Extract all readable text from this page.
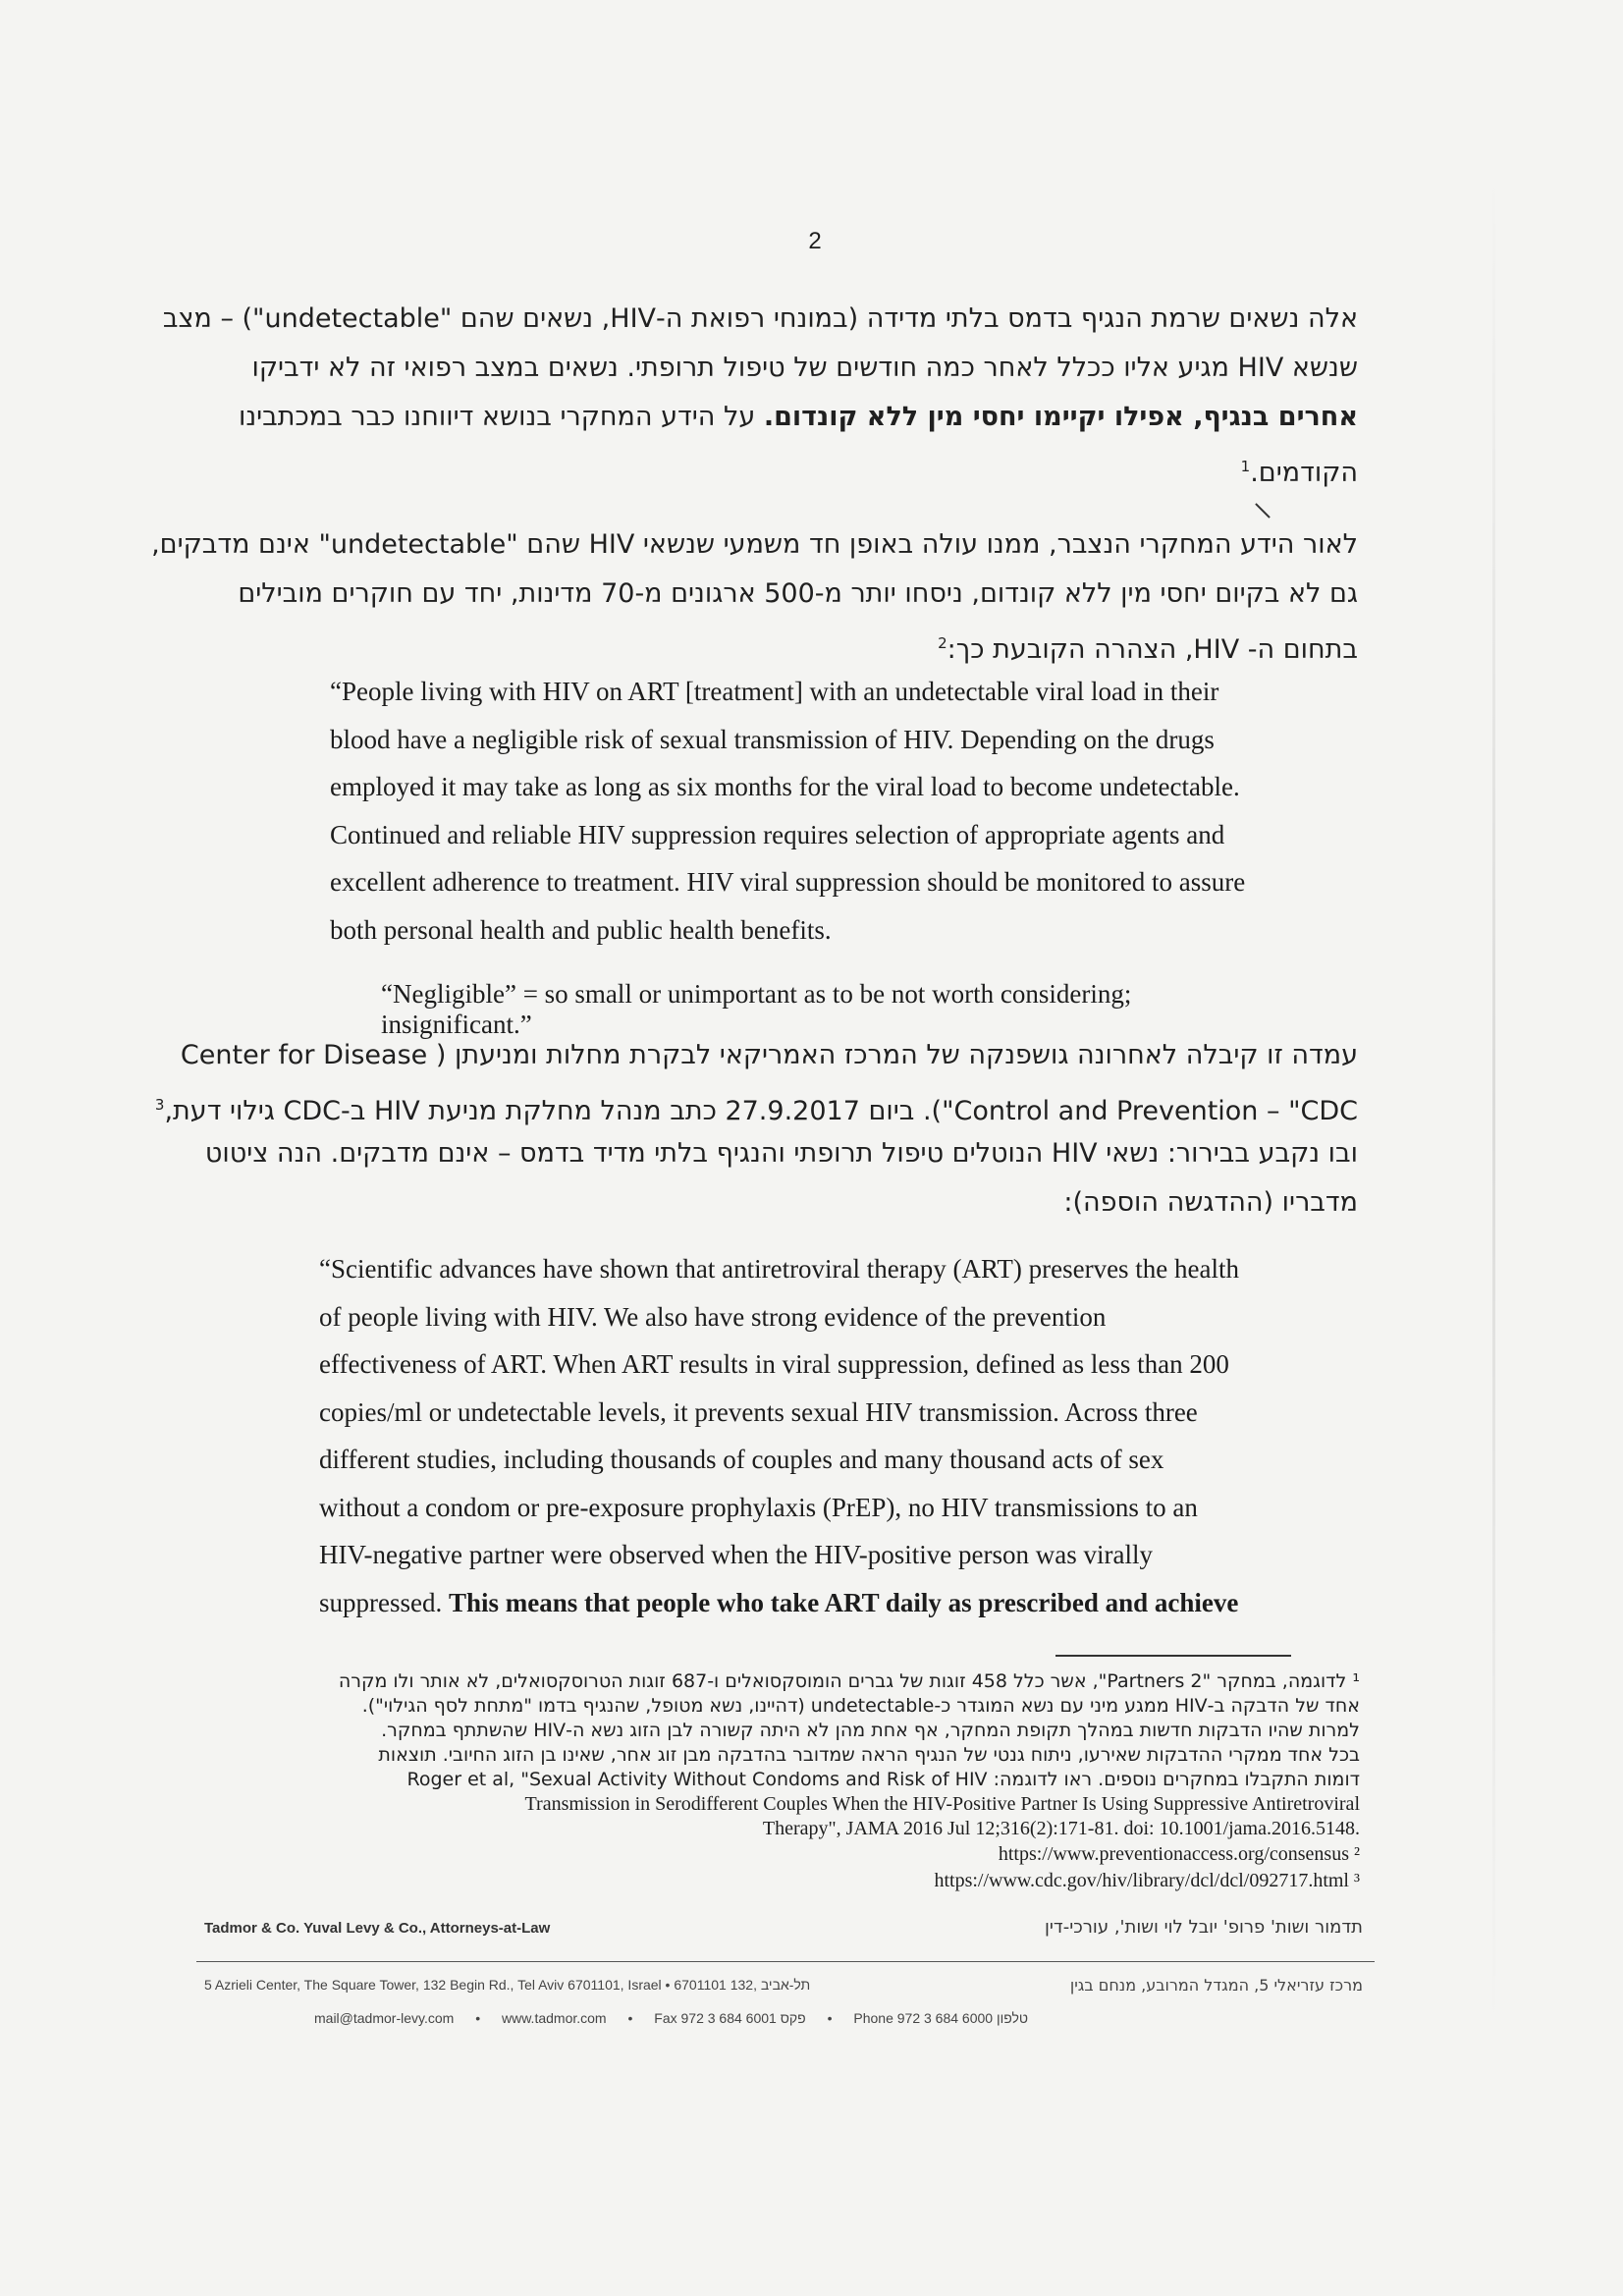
2
אלה נשאים שרמת הנגיף בדמס בלתי מדידה (במונחי רפואת ה-HIV, נשאים שהם "undetectable") – מצב
שנשא HIV מגיע אליו ככלל לאחר כמה חודשים של טיפול תרופתי. נשאים במצב רפואי זה לא ידביקו
אחרים בנגיף, אפילו יקיימו יחסי מין ללא קונדום. על הידע המחקרי בנושא דיווחנו כבר במכתבינו
הקודמים.$^1$
לאור הידע המחקרי הנצבר, ממנו עולה באופן חד משמעי שנשאי HIV שהם "undetectable" אינם מדבקים,
גם לא בקיום יחסי מין ללא קונדום, ניסחו יותר מ-500 ארגונים מ-70 מדינות, יחד עם חוקרים מובילים
בתחום ה- HIV, הצהרה הקובעת כך:$^2$
“People living with HIV on ART [treatment] with an undetectable viral load in their
blood have a negligible risk of sexual transmission of HIV. Depending on the drugs
employed it may take as long as six months for the viral load to become undetectable.
Continued and reliable HIV suppression requires selection of appropriate agents and
excellent adherence to treatment. HIV viral suppression should be monitored to assure
both personal health and public health benefits.
“Negligible” = so small or unimportant as to be not worth considering; insignificant.”
עמדה זו קיבלה לאחרונה גושפנקה של המרכז האמריקאי לבקרת מחלות ומניעתן ( Center for Disease
Control and Prevention – "CDC"). ביום 27.9.2017 כתב מנהל מחלקת מניעת HIV ב-CDC גילוי דעת,$^3$
ובו נקבע בבירור: נשאי HIV הנוטלים טיפול תרופתי והנגיף בלתי מדיד בדמס – אינם מדבקים. הנה ציטוט
מדבריו (ההדגשה הוספה):
“Scientific advances have shown that antiretroviral therapy (ART) preserves the health
of people living with HIV. We also have strong evidence of the prevention
effectiveness of ART. When ART results in viral suppression, defined as less than 200
copies/ml or undetectable levels, it prevents sexual HIV transmission. Across three
different studies, including thousands of couples and many thousand acts of sex
without a condom or pre-exposure prophylaxis (PrEP), no HIV transmissions to an
HIV-negative partner were observed when the HIV-positive person was virally
suppressed. This means that people who take ART daily as prescribed and achieve
¹ לדוגמה, במחקר "Partners 2", אשר כלל 458 זוגות של גברים הומוסקסואלים ו-687 זוגות הטרוסקסואלים, לא אותר ולו מקרה
אחד של הדבקה ב-HIV ממגע מיני עם נשא המוגדר כ-undetectable (דהיינו, נשא מטופל, שהנגיף בדמו "מתחת לסף הגילוי").
למרות שהיו הדבקות חדשות במהלך תקופת המחקר, אף אחת מהן לא היתה קשורה לבן הזוג נשא ה-HIV שהשתתף במחקר.
בכל אחד ממקרי ההדבקות שאירעו, ניתוח גנטי של הנגיף הראה שמדובר בהדבקה מבן זוג אחר, שאינו בן הזוג החיובי. תוצאות
דומות התקבלו במחקרים נוספים. ראו לדוגמה: Roger et al, "Sexual Activity Without Condoms and Risk of HIV
Transmission in Serodifferent Couples When the HIV-Positive Partner Is Using Suppressive Antiretroviral
Therapy", JAMA 2016 Jul 12;316(2):171-81. doi: 10.1001/jama.2016.5148.
https://www.preventionaccess.org/consensus ²
https://www.cdc.gov/hiv/library/dcl/dcl/092717.html ³
Tadmor & Co. Yuval Levy & Co., Attorneys-at-Law	תדמור ושות' פרופ' יובל לוי ושות', עורכי-דין
5 Azrieli Center, The Square Tower, 132 Begin Rd., Tel Aviv 6701101, Israel • 6701101 תל-אביב ,132	מרכז עזריאלי 5, המגדל המרובע, מנחם בגין
mail@tadmor-levy.com • www.tadmor.com • Fax 972 3 684 6001 פקס • Phone 972 3 684 6000 טלפון
